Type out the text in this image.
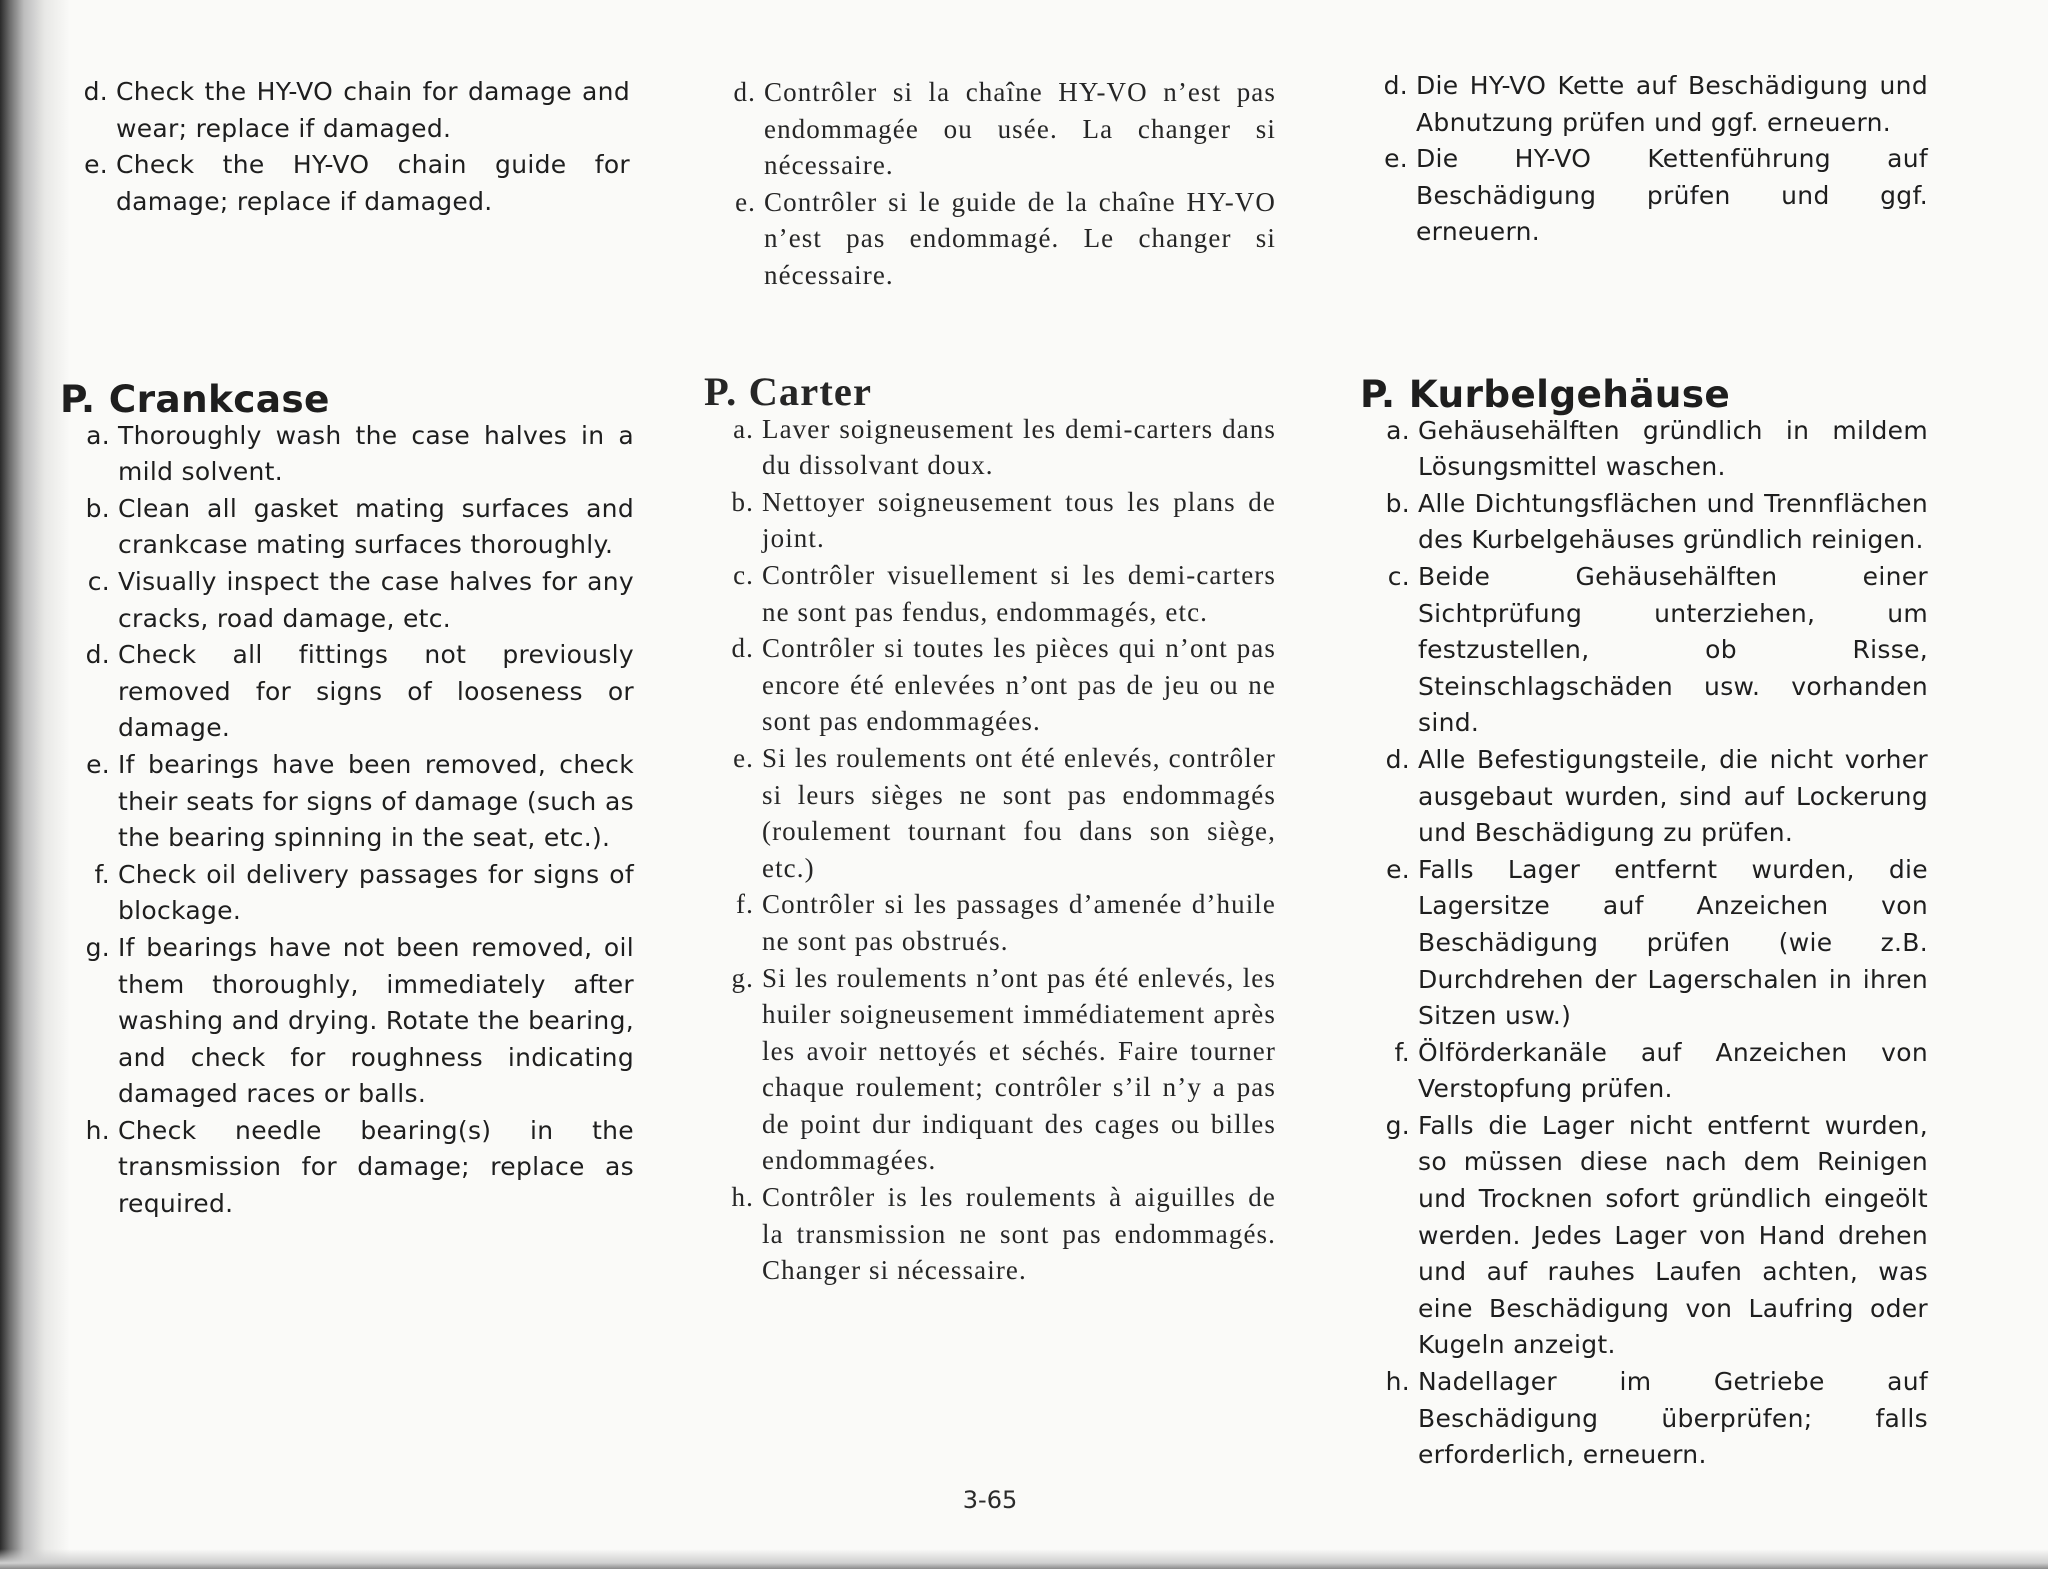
d. Check the HY-VO chain for damage and wear; replace if damaged.
e. Check the HY-VO chain guide for damage; replace if damaged.
d. Contrôler si la chaîne HY-VO n’est pas endommagée ou usée. La changer si nécessaire.
e. Contrôler si le guide de la chaîne HY-VO n’est pas endommagé. Le changer si nécessaire.
d. Die HY-VO Kette auf Beschädigung und Abnutzung prüfen und ggf. erneuern.
e. Die HY-VO Kettenführung auf Beschädigung prüfen und ggf. erneuern.
P. Crankcase
a. Thoroughly wash the case halves in a mild solvent.
b. Clean all gasket mating surfaces and crankcase mating surfaces thoroughly.
c. Visually inspect the case halves for any cracks, road damage, etc.
d. Check all fittings not previously removed for signs of looseness or damage.
e. If bearings have been removed, check their seats for signs of damage (such as the bearing spinning in the seat, etc.).
f. Check oil delivery passages for signs of blockage.
g. If bearings have not been removed, oil them thoroughly, immediately after washing and drying. Rotate the bearing, and check for roughness indicating damaged races or balls.
h. Check needle bearing(s) in the transmission for damage; replace as required.
P. Carter
a. Laver soigneusement les demi-carters dans du dissolvant doux.
b. Nettoyer soigneusement tous les plans de joint.
c. Contrôler visuellement si les demi-carters ne sont pas fendus, endommagés, etc.
d. Contrôler si toutes les pièces qui n’ont pas encore été enlevées n’ont pas de jeu ou ne sont pas endommagées.
e. Si les roulements ont été enlevés, contrôler si leurs sièges ne sont pas endommagés (roulement tournant fou dans son siège, etc.)
f. Contrôler si les passages d’amenée d’huile ne sont pas obstrués.
g. Si les roulements n’ont pas été enlevés, les huiler soigneusement immédiatement après les avoir nettoyés et séchés. Faire tourner chaque roulement; contrôler s’il n’y a pas de point dur indiquant des cages ou billes endommagées.
h. Contrôler is les roulements à aiguilles de la transmission ne sont pas endommagés. Changer si nécessaire.
P. Kurbelgehäuse
a. Gehäusehälften gründlich in mildem Lösungsmittel waschen.
b. Alle Dichtungsflächen und Trennflächen des Kurbelgehäuses gründlich reinigen.
c. Beide Gehäusehälften einer Sichtprüfung unterziehen, um festzustellen, ob Risse, Steinschlagschäden usw. vorhanden sind.
d. Alle Befestigungsteile, die nicht vorher ausgebaut wurden, sind auf Lockerung und Beschädigung zu prüfen.
e. Falls Lager entfernt wurden, die Lagersitze auf Anzeichen von Beschädigung prüfen (wie z.B. Durchdrehen der Lagerschalen in ihren Sitzen usw.)
f. Ölförderkanäle auf Anzeichen von Verstopfung prüfen.
g. Falls die Lager nicht entfernt wurden, so müssen diese nach dem Reinigen und Trocknen sofort gründlich eingeölt werden. Jedes Lager von Hand drehen und auf rauhes Laufen achten, was eine Beschädigung von Laufring oder Kugeln anzeigt.
h. Nadellager im Getriebe auf Beschädigung überprüfen; falls erforderlich, erneuern.
3-65
